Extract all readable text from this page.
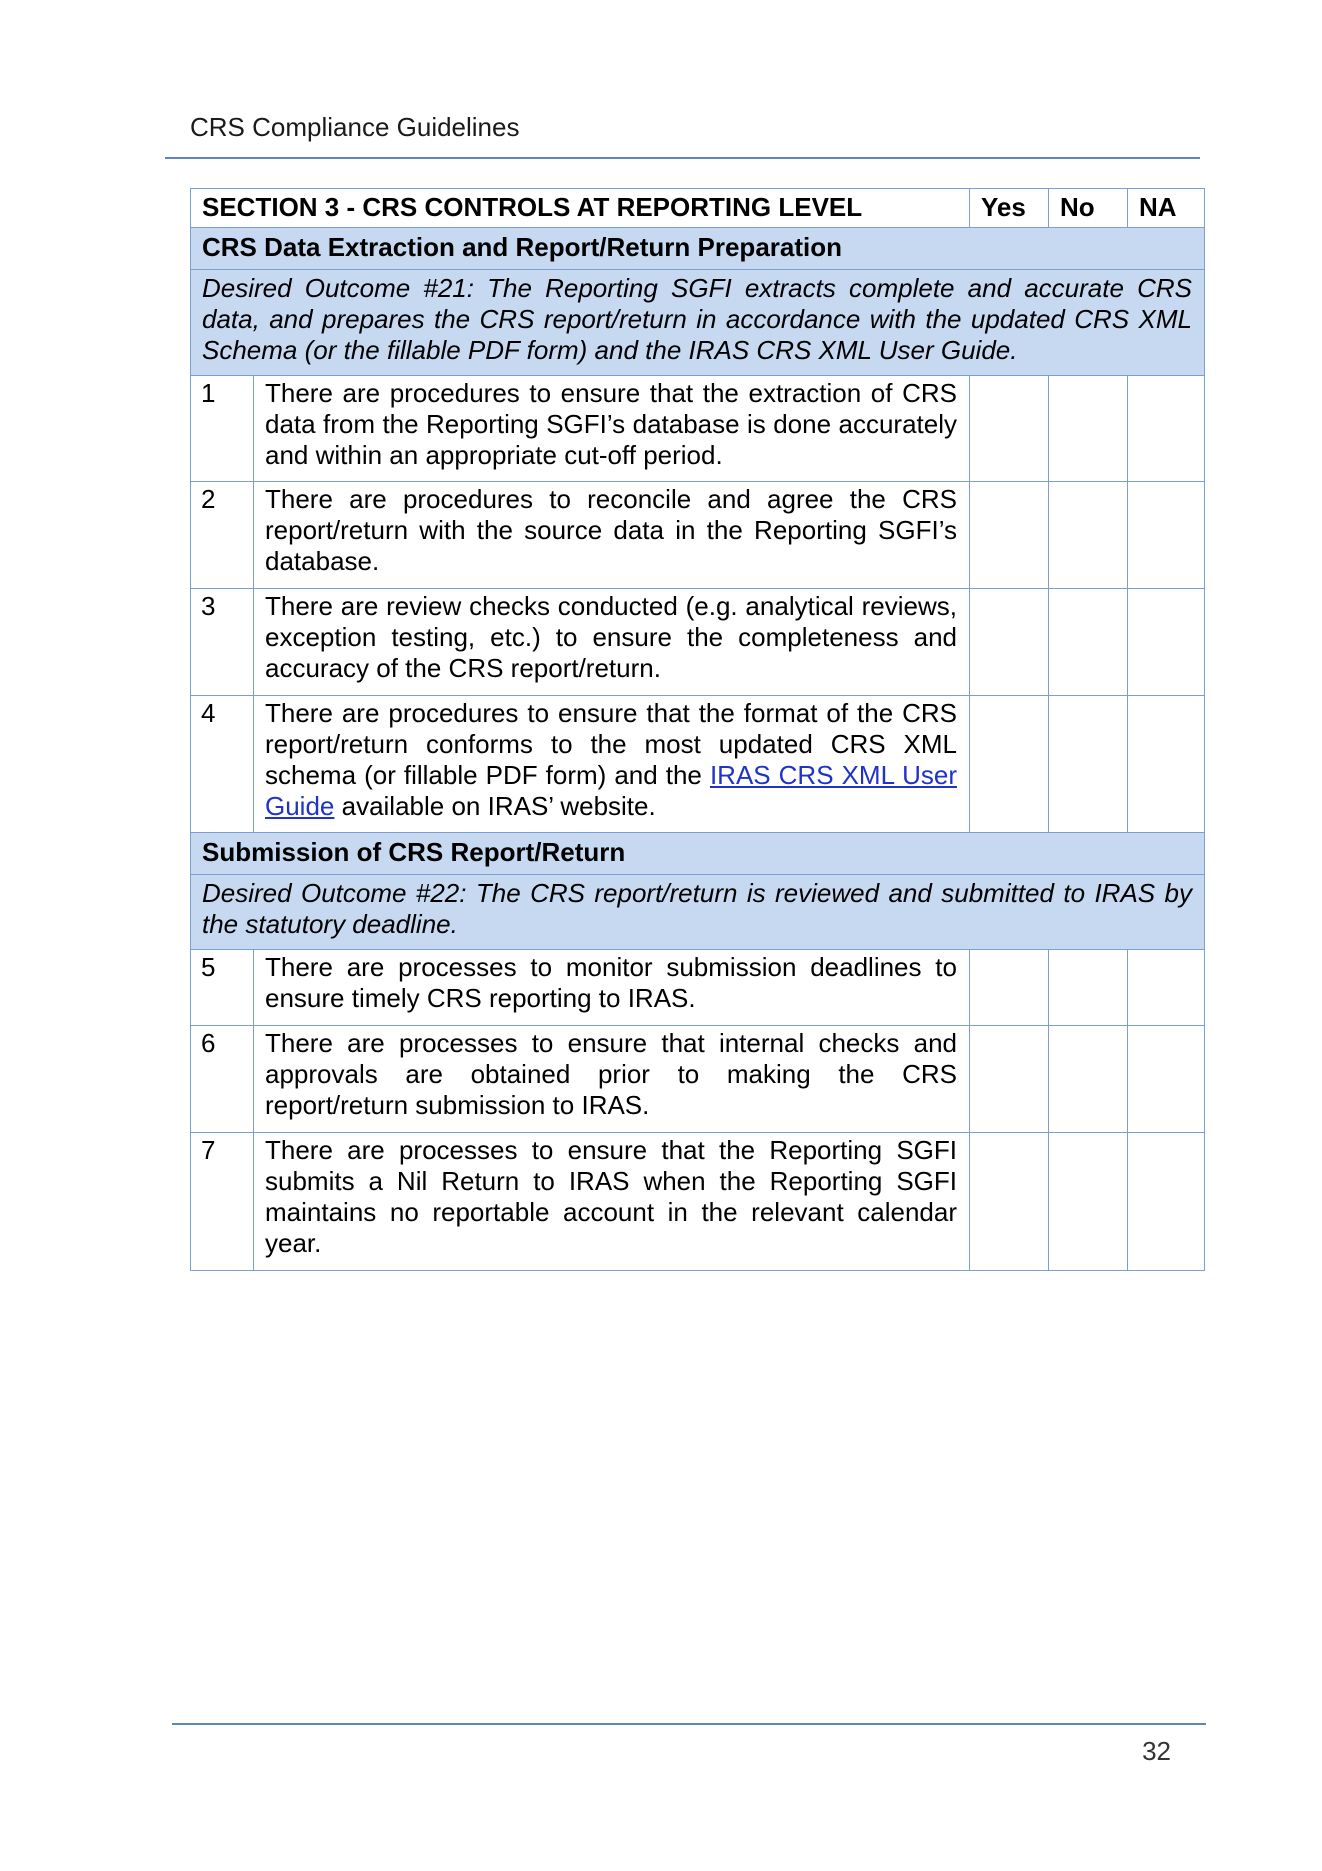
CRS Compliance Guidelines
SECTION 3 - CRS CONTROLS AT REPORTING LEVEL		Yes	No	NA
CRS Data Extraction and Report/Return Preparation				
Desired Outcome #21: The Reporting SGFI extracts complete and accurate CRS data, and prepares the CRS report/return in accordance with the updated CRS XML Schema (or the fillable PDF form) and the IRAS CRS XML User Guide.				
1	There are procedures to ensure that the extraction of CRS data from the Reporting SGFI’s database is done accurately and within an appropriate cut-off period.			
2	There are procedures to reconcile and agree the CRS report/return with the source data in the Reporting SGFI’s database.			
3	There are review checks conducted (e.g. analytical reviews, exception testing, etc.) to ensure the completeness and accuracy of the CRS report/return.			
4	There are procedures to ensure that the format of the CRS report/return conforms to the most updated CRS XML schema (or fillable PDF form) and the IRAS CRS XML User Guide available on IRAS’ website.			
Submission of CRS Report/Return				
Desired Outcome #22: The CRS report/return is reviewed and submitted to IRAS by the statutory deadline.				
5	There are processes to monitor submission deadlines to ensure timely CRS reporting to IRAS.			
6	There are processes to ensure that internal checks and approvals are obtained prior to making the CRS report/return submission to IRAS.			
7	There are processes to ensure that the Reporting SGFI submits a Nil Return to IRAS when the Reporting SGFI maintains no reportable account in the relevant calendar year.			
32
